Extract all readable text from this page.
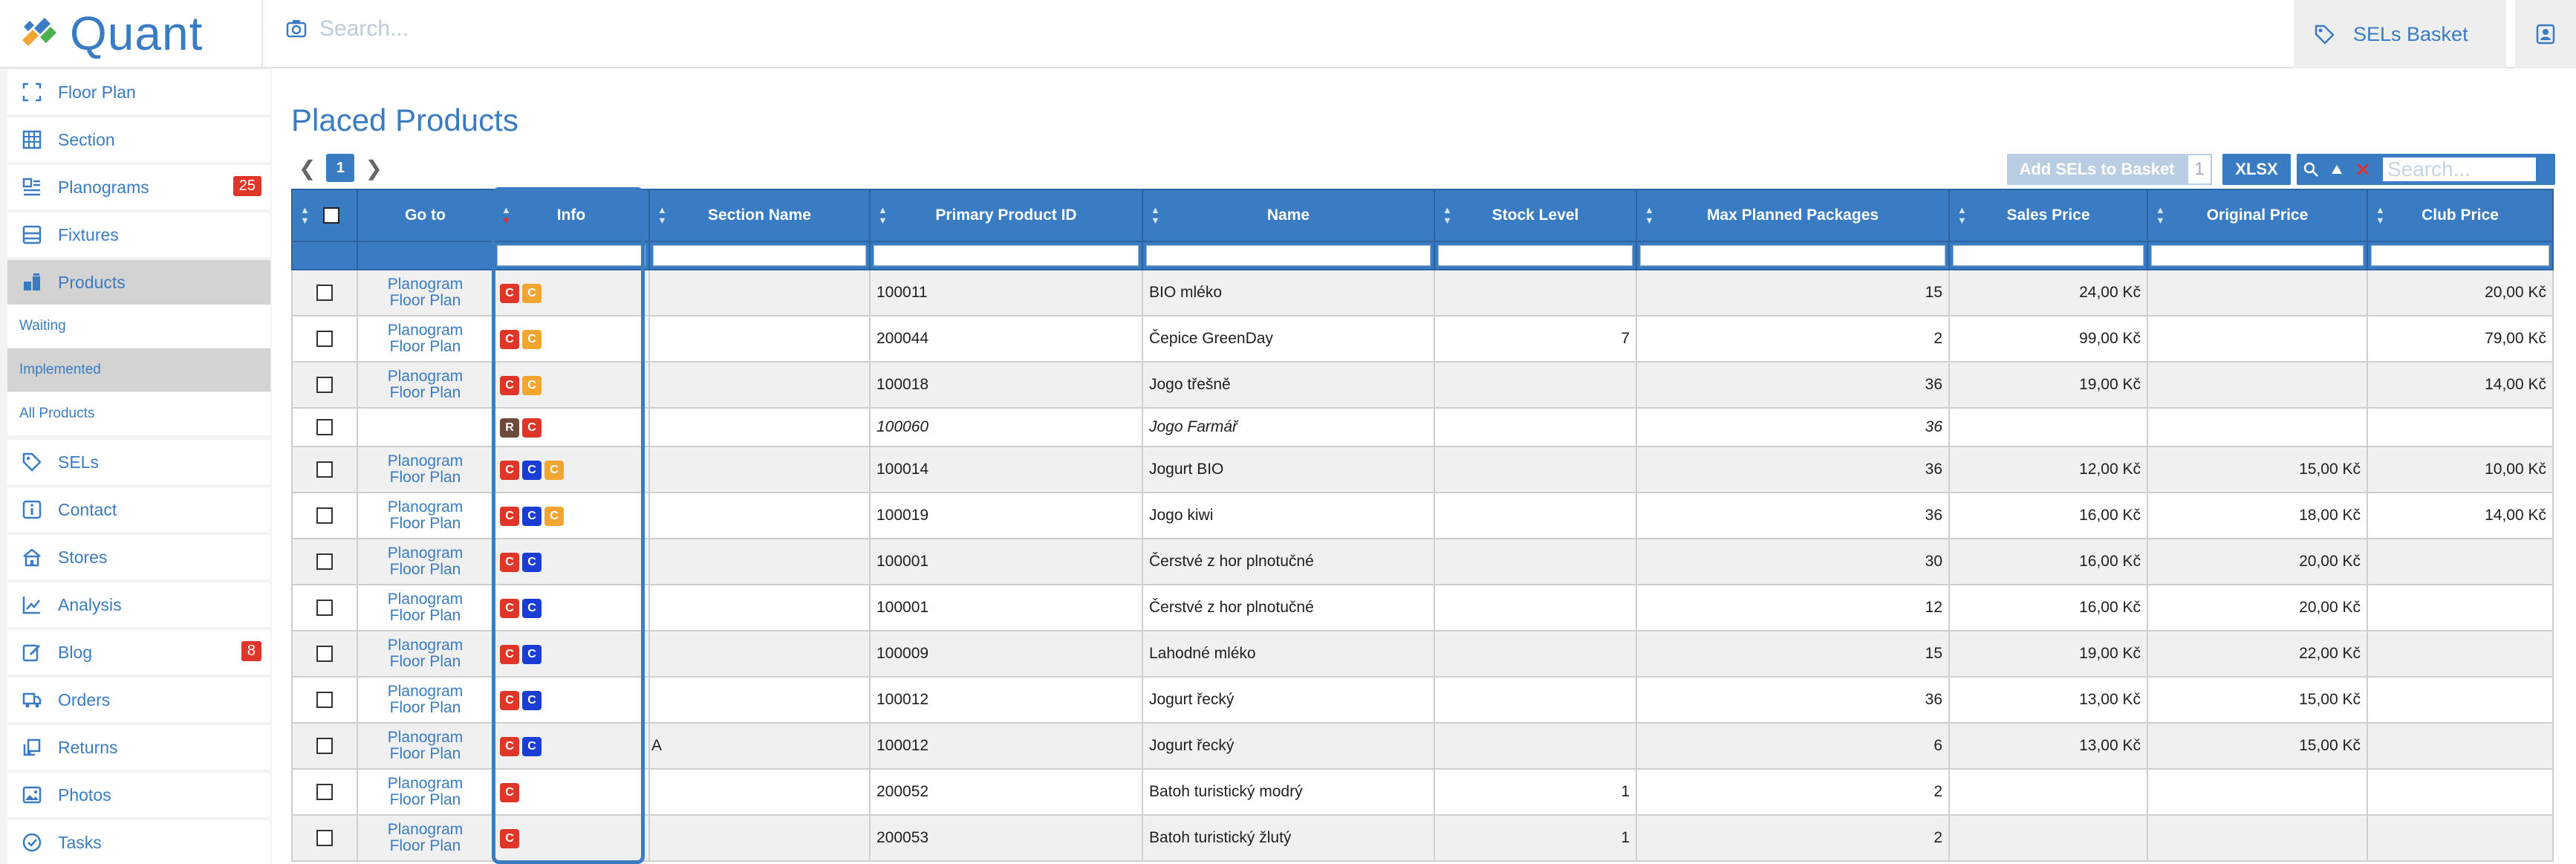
Quant
Search...	SELs Basket
Floor Plan
Section
Planograms	25
Fixtures
Products
Waiting
Implemented
All Products
SELs
Contact
Stores
Analysis
Blog	8
Orders
Returns
Photos
Tasks
Placed Products
❮	1 ❯	Add SELs to Basket	1	XLSX
Search...
▲
▼	Go to	▲
▼ Info	▲
▼ Section Name	▲
▼ Primary Product ID	▲
▼ Name	▲
▼ Stock Level	▲
▼ Max Planned Packages	▲
▼ Sales Price	▲
▼ Original Price	▲
▼ Club Price

	Planogram
Floor Plan	C C		100011	BIO mléko		15	24,00 Kč		20,00 Kč

	Planogram
Floor Plan	C C		200044	Čepice GreenDay	7	2	99,00 Kč		79,00 Kč

	Planogram
Floor Plan	C C		100018	Jogo třešně		36	19,00 Kč		14,00 Kč

		R C		100060	Jogo Farmář		36			

	Planogram
Floor Plan	C C C		100014	Jogurt BIO		36	12,00 Kč	15,00 Kč	10,00 Kč

	Planogram
Floor Plan	C C C		100019	Jogo kiwi		36	16,00 Kč	18,00 Kč	14,00 Kč

	Planogram
Floor Plan	C C		100001	Čerstvé z hor plnotučné		30	16,00 Kč	20,00 Kč	

	Planogram
Floor Plan	C C		100001	Čerstvé z hor plnotučné		12	16,00 Kč	20,00 Kč	

	Planogram
Floor Plan	C C		100009	Lahodné mléko		15	19,00 Kč	22,00 Kč	

	Planogram
Floor Plan	C C		100012	Jogurt řecký		36	13,00 Kč	15,00 Kč	

	Planogram
Floor Plan	C C	A	100012	Jogurt řecký		6	13,00 Kč	15,00 Kč	

	Planogram
Floor Plan	C		200052	Batoh turistický modrý	1	2			

	Planogram
Floor Plan	C		200053	Batoh turistický žlutý	1	2			
